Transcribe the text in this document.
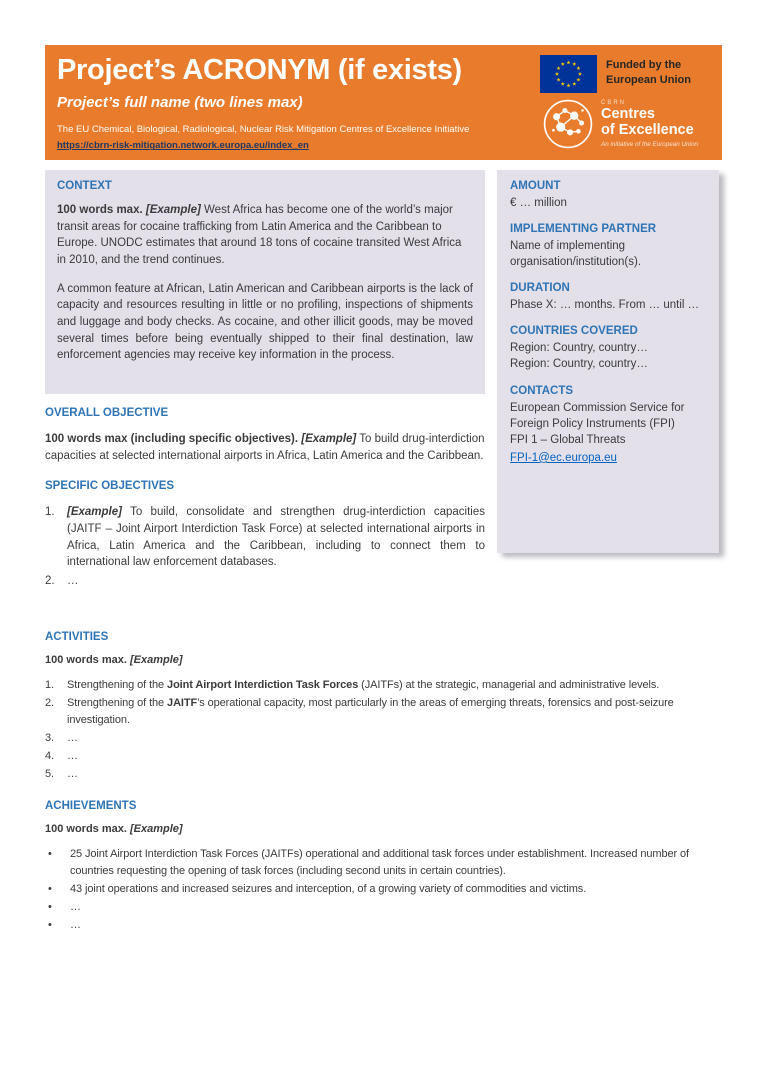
Project’s ACRONYM (if exists)
Project’s full name (two lines max)
The EU Chemical, Biological, Radiological, Nuclear Risk Mitigation Centres of Excellence Initiative
https://cbrn-risk-mitigation.network.europa.eu/index_en
Funded by the
European Union
CBRN
Centres
of Excellence
An initiative of the European Union
CONTEXT

100 words max. [Example] West Africa has become one of the world’s major transit areas for cocaine trafficking from Latin America and the Caribbean to Europe. UNODC estimates that around 18 tons of cocaine transited West Africa in 2010, and the trend continues.

A common feature at African, Latin American and Caribbean airports is the lack of capacity and resources resulting in little or no profiling, inspections of shipments and luggage and body checks. As cocaine, and other illicit goods, may be moved several times before being eventually shipped to their final destination, law enforcement agencies may receive key information in the process.

AMOUNT
€ … million
IMPLEMENTING PARTNER
Name of implementing organisation/institution(s).
DURATION
Phase X: … months. From … until …
COUNTRIES COVERED
Region: Country, country…
Region: Country, country…
CONTACTS
European Commission Service for Foreign Policy Instruments (FPI)
FPI 1 – Global Threats
FPI-1@ec.europa.eu
OVERALL OBJECTIVE

100 words max (including specific objectives). [Example] To build drug-interdiction capacities at selected international airports in Africa, Latin America and the Caribbean.

SPECIFIC OBJECTIVES
1.	[Example] To build, consolidate and strengthen drug-interdiction capacities (JAITF – Joint Airport Interdiction Task Force) at selected international airports in Africa, Latin America and the Caribbean, including to connect them to international law enforcement databases.
2.	…
ACTIVITIES

100 words max. [Example]

1.	Strengthening of the Joint Airport Interdiction Task Forces (JAITFs) at the strategic, managerial and administrative levels.
2.	Strengthening of the JAITF’s operational capacity, most particularly in the areas of emerging threats, forensics and post-seizure investigation.
3.	…
4.	…
5.	…
ACHIEVEMENTS

100 words max. [Example]

•	25 Joint Airport Interdiction Task Forces (JAITFs) operational and additional task forces under establishment. Increased number of countries requesting the opening of task forces (including second units in certain countries).
•	43 joint operations and increased seizures and interception, of a growing variety of commodities and victims.
•	…
•	…
